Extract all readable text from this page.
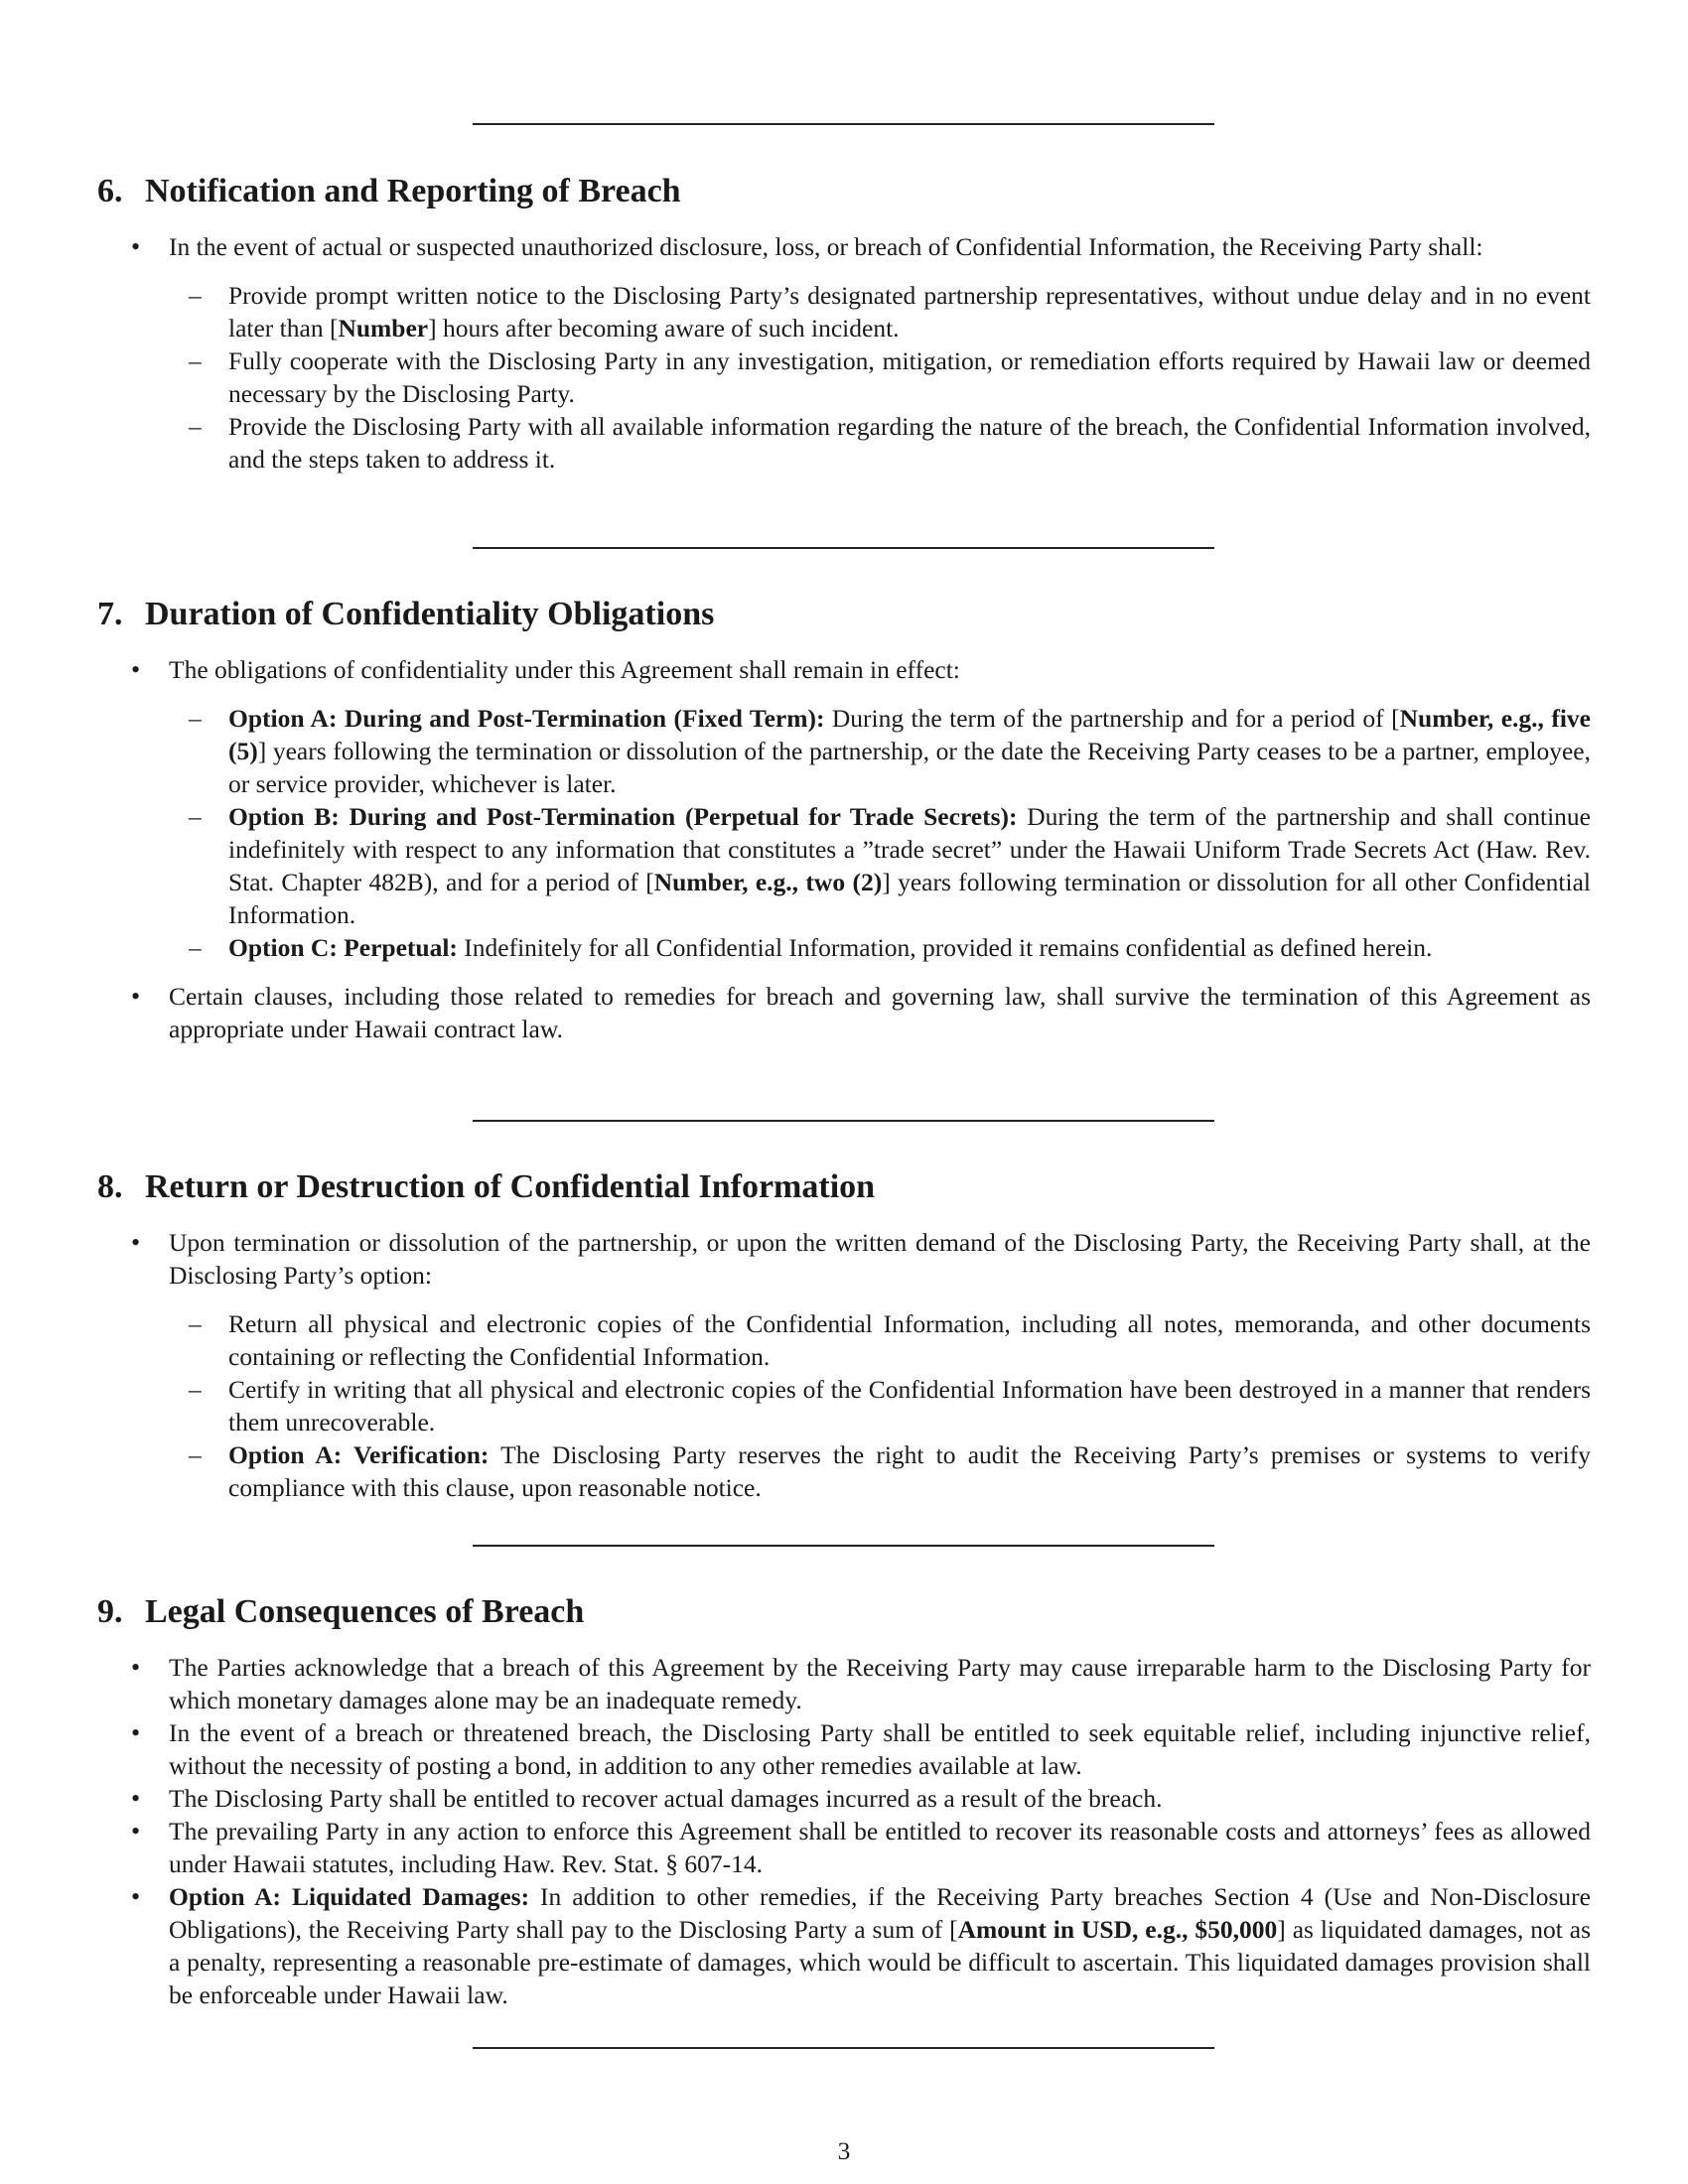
6. Notification and Reporting of Breach
• In the event of actual or suspected unauthorized disclosure, loss, or breach of Confidential Information, the Receiving Party shall:
– Provide prompt written notice to the Disclosing Party’s designated partnership representatives, without undue delay and in no event later than [Number] hours after becoming aware of such incident.
– Fully cooperate with the Disclosing Party in any investigation, mitigation, or remediation efforts required by Hawaii law or deemed necessary by the Disclosing Party.
– Provide the Disclosing Party with all available information regarding the nature of the breach, the Confidential Information involved, and the steps taken to address it.
7. Duration of Confidentiality Obligations
• The obligations of confidentiality under this Agreement shall remain in effect:
– Option A: During and Post-Termination (Fixed Term): During the term of the partnership and for a period of [Number, e.g., five (5)] years following the termination or dissolution of the partnership, or the date the Receiving Party ceases to be a partner, employee, or service provider, whichever is later.
– Option B: During and Post-Termination (Perpetual for Trade Secrets): During the term of the partnership and shall continue indefinitely with respect to any information that constitutes a ”trade secret” under the Hawaii Uniform Trade Secrets Act (Haw. Rev. Stat. Chapter 482B), and for a period of [Number, e.g., two (2)] years following termination or dissolution for all other Confidential Information.
– Option C: Perpetual: Indefinitely for all Confidential Information, provided it remains confidential as defined herein.
• Certain clauses, including those related to remedies for breach and governing law, shall survive the termination of this Agreement as appropriate under Hawaii contract law.
8. Return or Destruction of Confidential Information
• Upon termination or dissolution of the partnership, or upon the written demand of the Disclosing Party, the Receiving Party shall, at the Disclosing Party’s option:
– Return all physical and electronic copies of the Confidential Information, including all notes, memoranda, and other documents containing or reflecting the Confidential Information.
– Certify in writing that all physical and electronic copies of the Confidential Information have been destroyed in a manner that renders them unrecoverable.
– Option A: Verification: The Disclosing Party reserves the right to audit the Receiving Party’s premises or systems to verify compliance with this clause, upon reasonable notice.
9. Legal Consequences of Breach
• The Parties acknowledge that a breach of this Agreement by the Receiving Party may cause irreparable harm to the Disclosing Party for which monetary damages alone may be an inadequate remedy.
• In the event of a breach or threatened breach, the Disclosing Party shall be entitled to seek equitable relief, including injunctive relief, without the necessity of posting a bond, in addition to any other remedies available at law.
• The Disclosing Party shall be entitled to recover actual damages incurred as a result of the breach.
• The prevailing Party in any action to enforce this Agreement shall be entitled to recover its reasonable costs and attorneys’ fees as allowed under Hawaii statutes, including Haw. Rev. Stat. § 607-14.
• Option A: Liquidated Damages: In addition to other remedies, if the Receiving Party breaches Section 4 (Use and Non-Disclosure Obligations), the Receiving Party shall pay to the Disclosing Party a sum of [Amount in USD, e.g., $50,000] as liquidated damages, not as a penalty, representing a reasonable pre-estimate of damages, which would be difficult to ascertain. This liquidated damages provision shall be enforceable under Hawaii law.
3
